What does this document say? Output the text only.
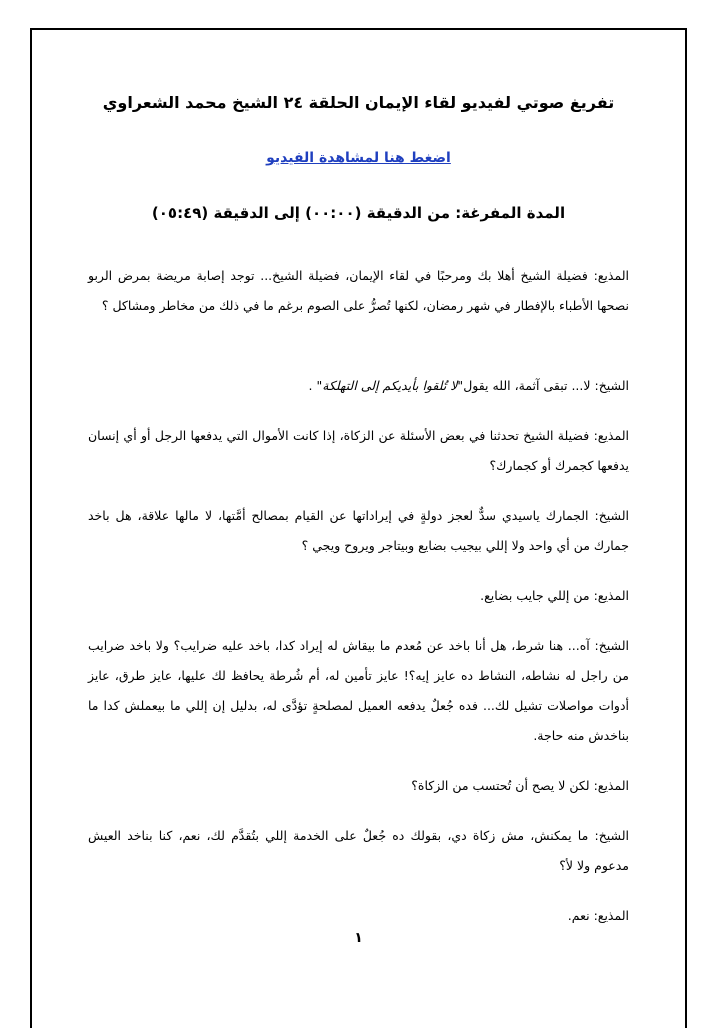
تفريغ صوتي لفيديو لقاء الإيمان الحلقة ٢٤ الشيخ محمد الشعراوي
اضغط هنا لمشاهدة الفيديو
المدة المفرغة: من الدقيقة (٠٠:٠٠) إلى الدقيقة (٠٥:٤٩)

المذيع: فضيلة الشيخ أهلا بك ومرحبًا في لقاء الإيمان، فضيلة الشيخ... توجد إصابة مريضة بمرض الربو نصحها الأطباء بالإفطار في شهر رمضان، لكنها تُصرُّ على الصوم برغم ما في ذلك من مخاطر ومشاكل ؟

الشيخ: لا... تبقى آثمة، الله يقول"لا تُلقوا بأيديكم إلى التهلكة" .

المذيع: فضيلة الشيخ تحدثنا في بعض الأسئلة عن الزكاة، إذا كانت الأموال التي يدفعها الرجل أو أي إنسان يدفعها كجمرك أو كجمارك؟

الشيخ: الجمارك ياسيدي سدٌّ لعجز دولةٍ في إيراداتها عن القيام بمصالح أمَّتها، لا مالها علاقة، هل باخد جمارك من أي واحد ولا إللي بيجيب بضايع وبيتاجر ويروح ويجي ؟

المذيع: من إللي جايب بضايع.

الشيخ: آه... هنا شرط، هل أنا باخد عن مُعدم ما بيقاش له إيراد كدا، باخد عليه ضرايب؟ ولا باخد ضرايب من راجل له نشاطه، النشاط ده عايز إيه؟! عايز تأمين له، أم شُرطة يحافظ لك عليها، عايز طرق، عايز أدوات مواصلات تشيل لك... فده جُعلٌ يدفعه العميل لمصلحةٍ تؤدَّى له، بدليل إن إللي ما بيعملش كدا ما بناخدش منه حاجة.

المذيع: لكن لا يصح أن تُحتسب من الزكاة؟

الشيخ: ما يمكنش، مش زكاة دي، بقولك ده جُعلٌ على الخدمة إللي بتُقدَّم لك، نعم، كنا بناخد العيش مدعوم ولا لأ؟

المذيع: نعم.

١
